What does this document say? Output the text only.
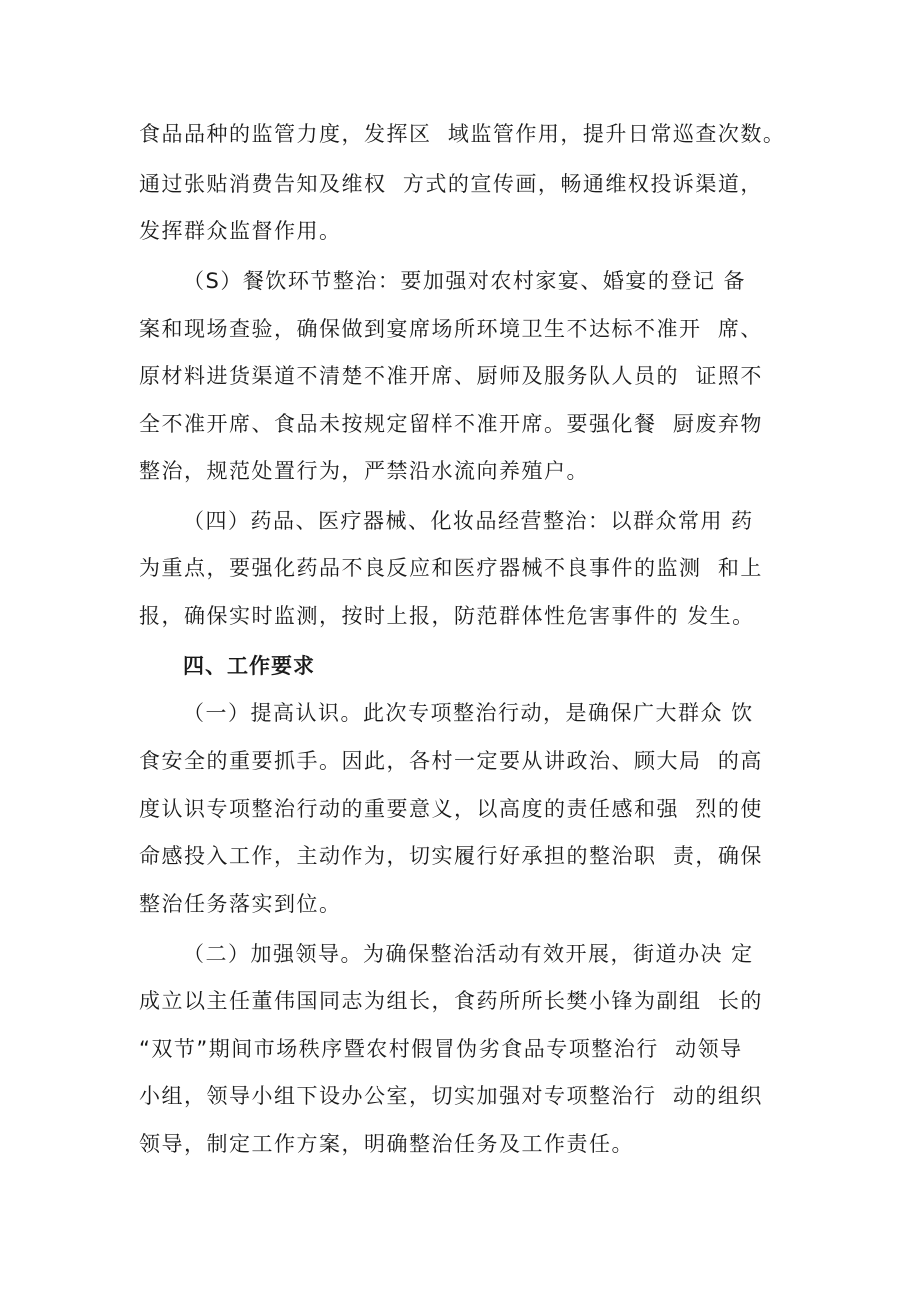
食品品种的监管力度，发挥区  域监管作用，提升日常巡查次数。
通过张贴消费告知及维权  方式的宣传画，畅通维权投诉渠道，
发挥群众监督作用。
（S）餐饮环节整治：要加强对农村家宴、婚宴的登记 备
案和现场查验，确保做到宴席场所环境卫生不达标不准开  席、
原材料进货渠道不清楚不准开席、厨师及服务队人员的  证照不
全不准开席、食品未按规定留样不准开席。要强化餐  厨废弃物
整治，规范处置行为，严禁沿水流向养殖户。
（四）药品、医疗器械、化妆品经营整治：以群众常用 药
为重点，要强化药品不良反应和医疗器械不良事件的监测  和上
报，确保实时监测，按时上报，防范群体性危害事件的 发生。
四、工作要求
（一）提高认识。此次专项整治行动，是确保广大群众 饮
食安全的重要抓手。因此，各村一定要从讲政治、顾大局  的高
度认识专项整治行动的重要意义，以高度的责任感和强  烈的使
命感投入工作，主动作为，切实履行好承担的整治职  责，确保
整治任务落实到位。
（二）加强领导。为确保整治活动有效开展，街道办决 定
成立以主任董伟国同志为组长，食药所所长樊小锋为副组  长的
“双节”期间市场秩序暨农村假冒伪劣食品专项整治行  动领导
小组，领导小组下设办公室，切实加强对专项整治行  动的组织
领导，制定工作方案，明确整治任务及工作责任。
